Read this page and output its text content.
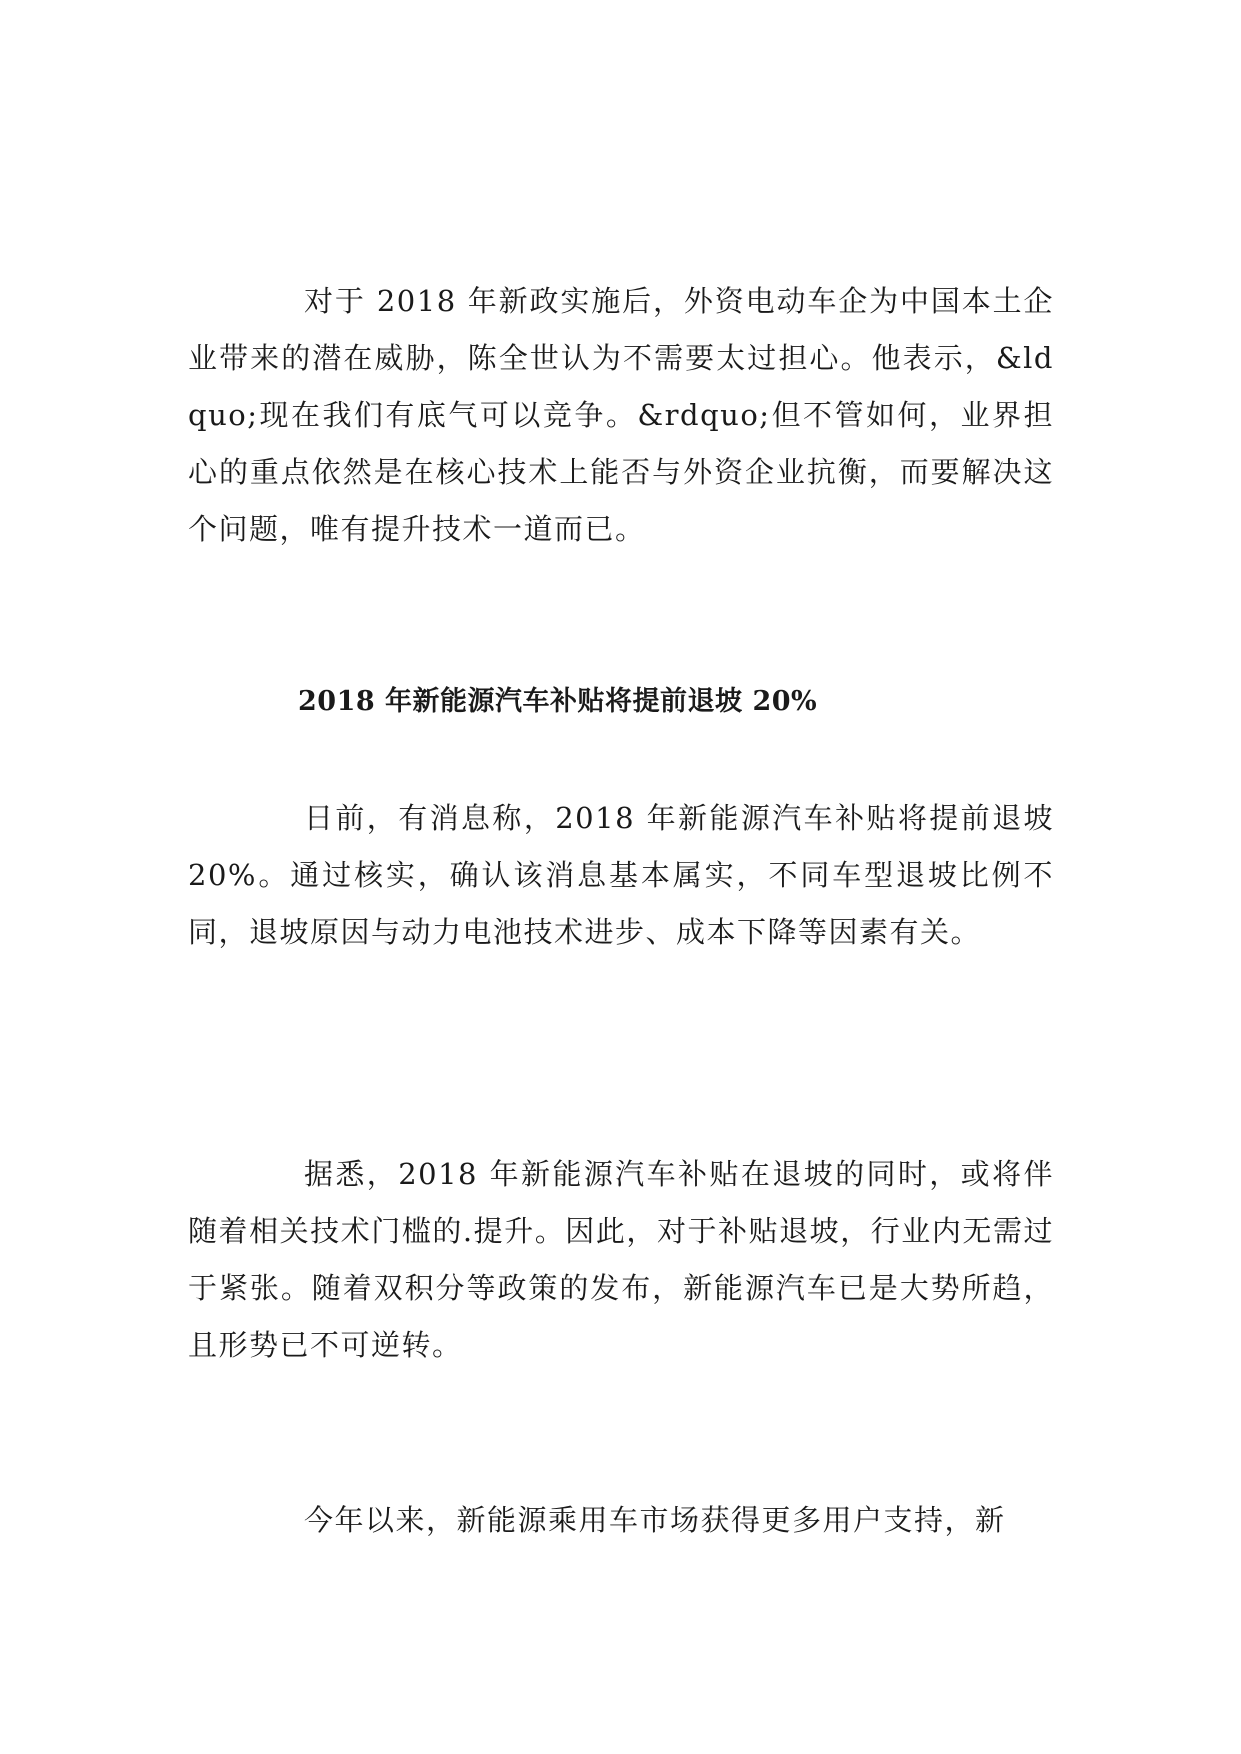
对于 2018 年新政实施后，外资电动车企为中国本土企业带来的潜在威胁，陈全世认为不需要太过担心。他表示，&ldquo;现在我们有底气可以竞争。&rdquo;但不管如何，业界担心的重点依然是在核心技术上能否与外资企业抗衡，而要解决这个问题，唯有提升技术一道而已。

2018 年新能源汽车补贴将提前退坡 20%

日前，有消息称，2018 年新能源汽车补贴将提前退坡 20%。通过核实，确认该消息基本属实，不同车型退坡比例不同，退坡原因与动力电池技术进步、成本下降等因素有关。

据悉，2018 年新能源汽车补贴在退坡的同时，或将伴随着相关技术门槛的.提升。因此，对于补贴退坡，行业内无需过于紧张。随着双积分等政策的发布，新能源汽车已是大势所趋，且形势已不可逆转。

今年以来，新能源乘用车市场获得更多用户支持，新
